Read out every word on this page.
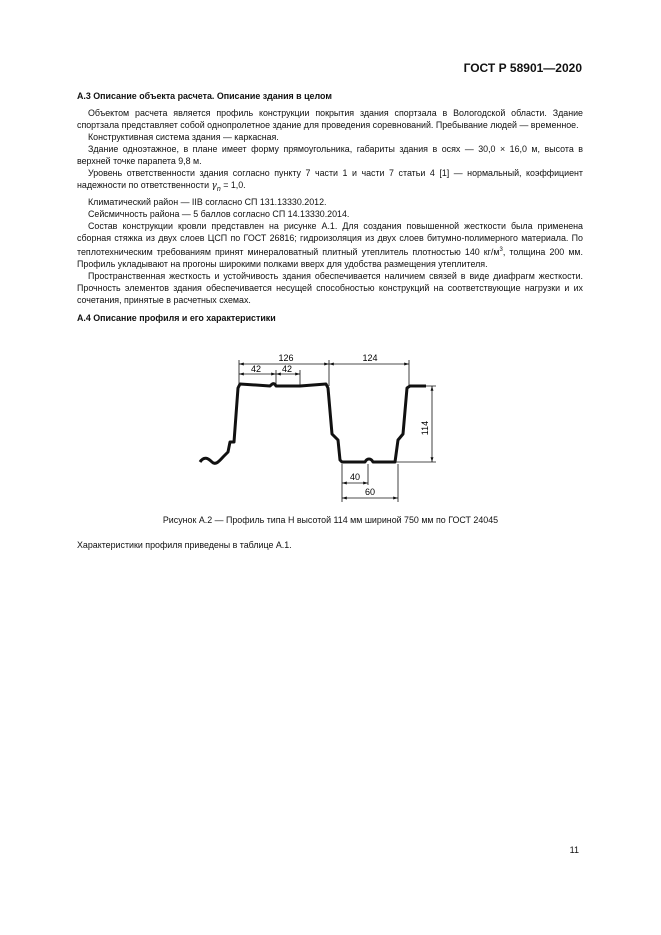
ГОСТ Р 58901—2020

А.3 Описание объекта расчета. Описание здания в целом

Объектом расчета является профиль конструкции покрытия здания спортзала в Вологодской области. Здание спортзала представляет собой однопролетное здание для проведения соревнований. Пребывание людей — временное.

Конструктивная система здания — каркасная.

Здание одноэтажное, в плане имеет форму прямоугольника, габариты здания в осях — 30,0 × 16,0 м, высота в верхней точке парапета 9,8 м.

Уровень ответственности здания согласно пункту 7 части 1 и части 7 статьи 4 [1] — нормальный, коэффициент надежности по ответственности $\gamma_n = 1,0$.

Климатический район — IIВ согласно СП 131.13330.2012.

Сейсмичность района — 5 баллов согласно СП 14.13330.2014.

Состав конструкции кровли представлен на рисунке А.1. Для создания повышенной жесткости была применена сборная стяжка из двух слоев ЦСП по ГОСТ 26816; гидроизоляция из двух слоев битумно-полимерного материала. По теплотехническим требованиям принят минераловатный плитный утеплитель плотностью 140 $кг/м^3$, толщина 200 мм. Профиль укладывают на прогоны широкими полками вверх для удобства размещения утеплителя.

Пространственная жесткость и устойчивость здания обеспечивается наличием связей в виде диафрагм жесткости. Прочность элементов здания обеспечивается несущей способностью конструкций на соответствующие нагрузки и их сочетания, принятые в расчетных схемах.

А.4 Описание профиля и его характеристики

126	124
42 42
114
40
60
Рисунок А.2 — Профиль типа Н высотой 114 мм шириной 750 мм по ГОСТ 24045
Характеристики профиля приведены в таблице А.1.
11
